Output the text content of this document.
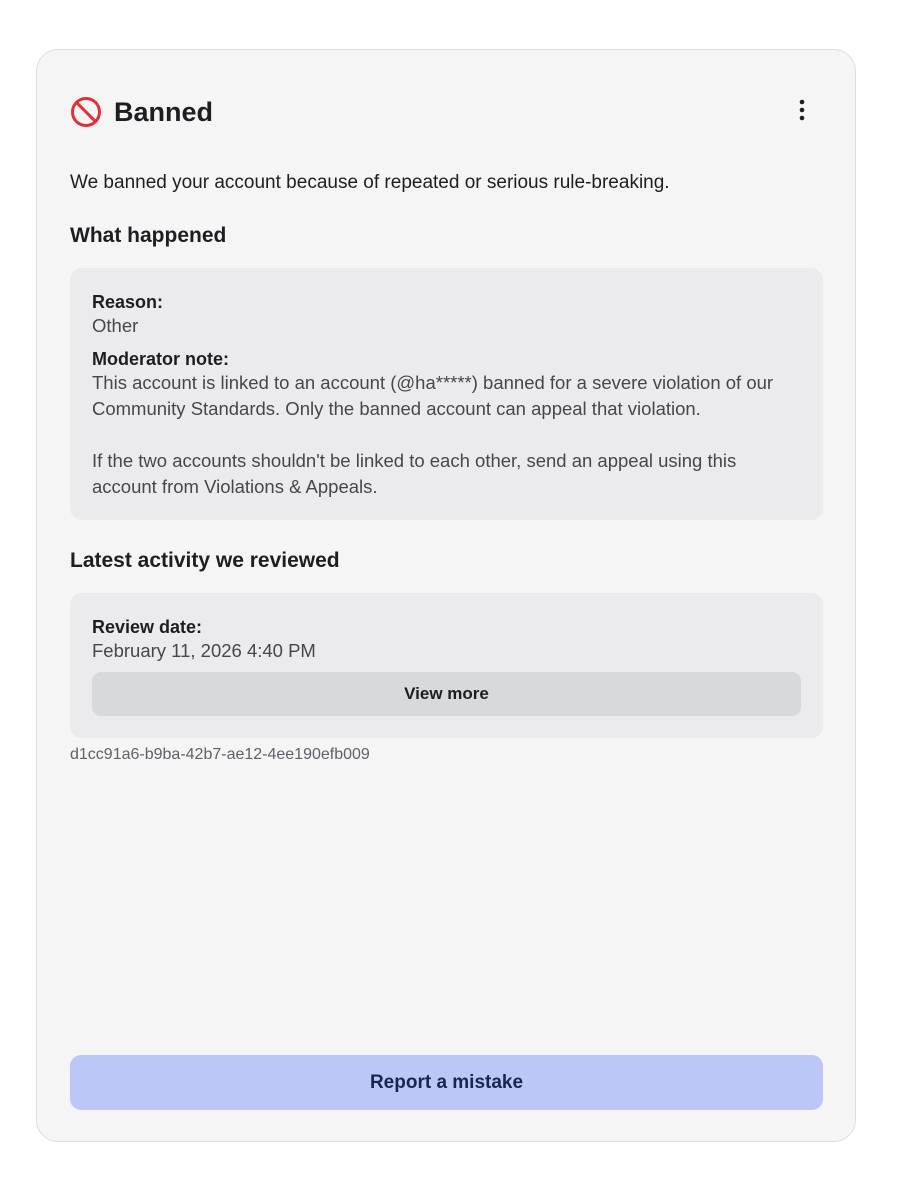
Banned

We banned your account because of repeated or serious rule-breaking.

What happened
Reason:
Other
Moderator note:
This account is linked to an account (@ha*****) banned for a severe violation of our Community Standards. Only the banned account can appeal that violation.
If the two accounts shouldn't be linked to each other, send an appeal using this account from Violations & Appeals.
Latest activity we reviewed
Review date:
February 11, 2026 4:40 PM
View more
d1cc91a6-b9ba-42b7-ae12-4ee190efb009
Report a mistake
